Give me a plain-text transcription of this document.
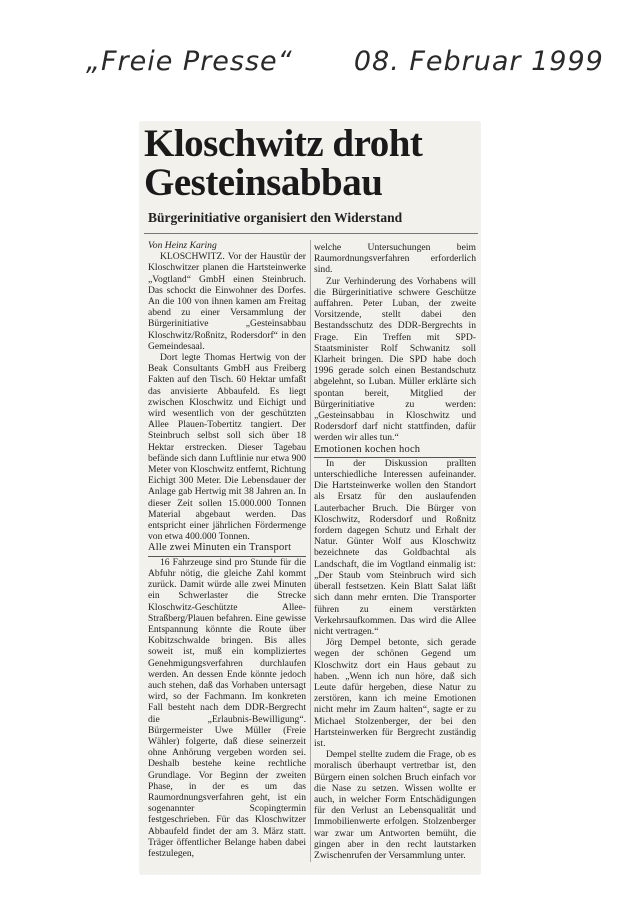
„Freie Presse“ 08. Februar 1999
Kloschwitz droht
Gesteinsabbau
Bürgerinitiative organisiert den Widerstand

Von Heinz Karing

KLOSCHWITZ. Vor der Haustür der Kloschwitzer planen die Hartsteinwerke „Vogtland“ GmbH einen Steinbruch. Das schockt die Einwohner des Dorfes. An die 100 von ihnen kamen am Freitag abend zu einer Versammlung der Bürgerinitiative „Gesteinsabbau Kloschwitz/Roßnitz, Rodersdorf“ in den Gemeindesaal.

Dort legte Thomas Hertwig von der Beak Consultants GmbH aus Freiberg Fakten auf den Tisch. 60 Hektar umfaßt das anvisierte Abbaufeld. Es liegt zwischen Kloschwitz und Eichigt und wird wesentlich von der geschützten Allee Plauen-Tobertitz tangiert. Der Steinbruch selbst soll sich über 18 Hektar erstrecken. Dieser Tagebau befände sich dann Luftlinie nur etwa 900 Meter von Kloschwitz entfernt, Richtung Eichigt 300 Meter. Die Lebensdauer der Anlage gab Hertwig mit 38 Jahren an. In dieser Zeit sollen 15.000.000 Tonnen Material abgebaut werden. Das entspricht einer jährlichen Fördermenge von etwa 400.000 Tonnen.

Alle zwei Minuten ein Transport

16 Fahrzeuge sind pro Stunde für die Abfuhr nötig, die gleiche Zahl kommt zurück. Damit würde alle zwei Minuten ein Schwerlaster die Strecke Kloschwitz-Geschützte Allee-Straßberg/Plauen befahren. Eine gewisse Entspannung könnte die Route über Kobitzschwalde bringen. Bis alles soweit ist, muß ein kompliziertes Genehmigungsverfahren durchlaufen werden. An dessen Ende könnte jedoch auch stehen, daß das Vorhaben untersagt wird, so der Fachmann. Im konkreten Fall besteht nach dem DDR-Bergrecht die „Erlaubnis-Bewilligung“. Bürgermeister Uwe Müller (Freie Wähler) folgerte, daß diese seinerzeit ohne Anhörung vergeben worden sei. Deshalb bestehe keine rechtliche Grundlage. Vor Beginn der zweiten Phase, in der es um das Raumordnungsverfahren geht, ist ein sogenannter Scopingtermin festgeschrieben. Für das Kloschwitzer Abbaufeld findet der am 3. März statt. Träger öffentlicher Belange haben dabei festzulegen,

welche Untersuchungen beim Raumordnungsverfahren erforderlich sind.

Zur Verhinderung des Vorhabens will die Bürgerinitiative schwere Geschütze auffahren. Peter Luban, der zweite Vorsitzende, stellt dabei den Bestandsschutz des DDR-Bergrechts in Frage. Ein Treffen mit SPD-Staatsminister Rolf Schwanitz soll Klarheit bringen. Die SPD habe doch 1996 gerade solch einen Bestandschutz abgelehnt, so Luban. Müller erklärte sich spontan bereit, Mitglied der Bürgerinitiative zu werden: „Gesteinsabbau in Kloschwitz und Rodersdorf darf nicht stattfinden, dafür werden wir alles tun.“

Emotionen kochen hoch

In der Diskussion prallten unterschiedliche Interessen aufeinander. Die Hartsteinwerke wollen den Standort als Ersatz für den auslaufenden Lauterbacher Bruch. Die Bürger von Kloschwitz, Rodersdorf und Roßnitz fordern dagegen Schutz und Erhalt der Natur. Günter Wolf aus Kloschwitz bezeichnete das Goldbachtal als Landschaft, die im Vogtland einmalig ist: „Der Staub vom Steinbruch wird sich überall festsetzen. Kein Blatt Salat läßt sich dann mehr ernten. Die Transporter führen zu einem verstärkten Verkehrsaufkommen. Das wird die Allee nicht vertragen.“

Jörg Dempel betonte, sich gerade wegen der schönen Gegend um Kloschwitz dort ein Haus gebaut zu haben. „Wenn ich nun höre, daß sich Leute dafür hergeben, diese Natur zu zerstören, kann ich meine Emotionen nicht mehr im Zaum halten“, sagte er zu Michael Stolzenberger, der bei den Hartsteinwerken für Bergrecht zuständig ist.

Dempel stellte zudem die Frage, ob es moralisch überhaupt vertretbar ist, den Bürgern einen solchen Bruch einfach vor die Nase zu setzen. Wissen wollte er auch, in welcher Form Entschädigungen für den Verlust an Lebensqualität und Immobilienwerte erfolgen. Stolzenberger war zwar um Antworten bemüht, die gingen aber in den recht lautstarken Zwischenrufen der Versammlung unter.
